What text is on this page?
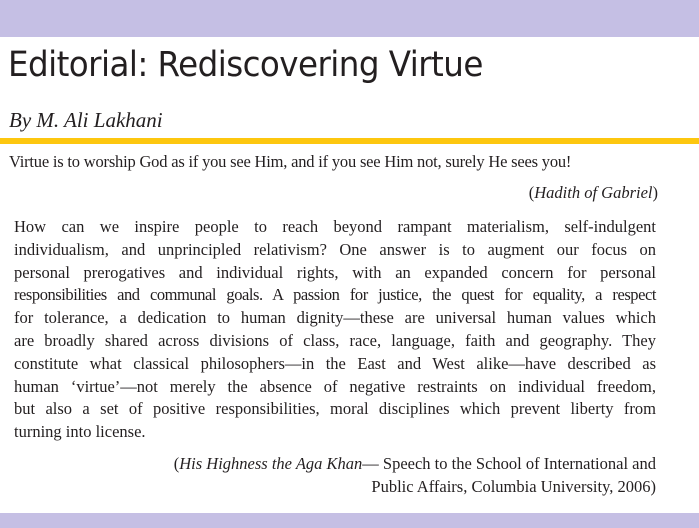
Editorial: Rediscovering Virtue

By M. Ali Lakhani

Virtue is to worship God as if you see Him, and if you see Him not, surely He sees you!

(Hadith of Gabriel)

How can we inspire people to reach beyond rampant materialism, self-indulgent
individualism, and unprincipled relativism? One answer is to augment our focus on
personal prerogatives and individual rights, with an expanded concern for personal
responsibilities and communal goals. A passion for justice, the quest for equality, a respect
for tolerance, a dedication to human dignity—these are universal human values which
are broadly shared across divisions of class, race, language, faith and geography. They
constitute what classical philosophers—in the East and West alike—have described as
human ‘virtue’—not merely the absence of negative restraints on individual freedom,
but also a set of positive responsibilities, moral disciplines which prevent liberty from
turning into license.
(His Highness the Aga Khan— Speech to the School of International and
Public Affairs, Columbia University, 2006)
